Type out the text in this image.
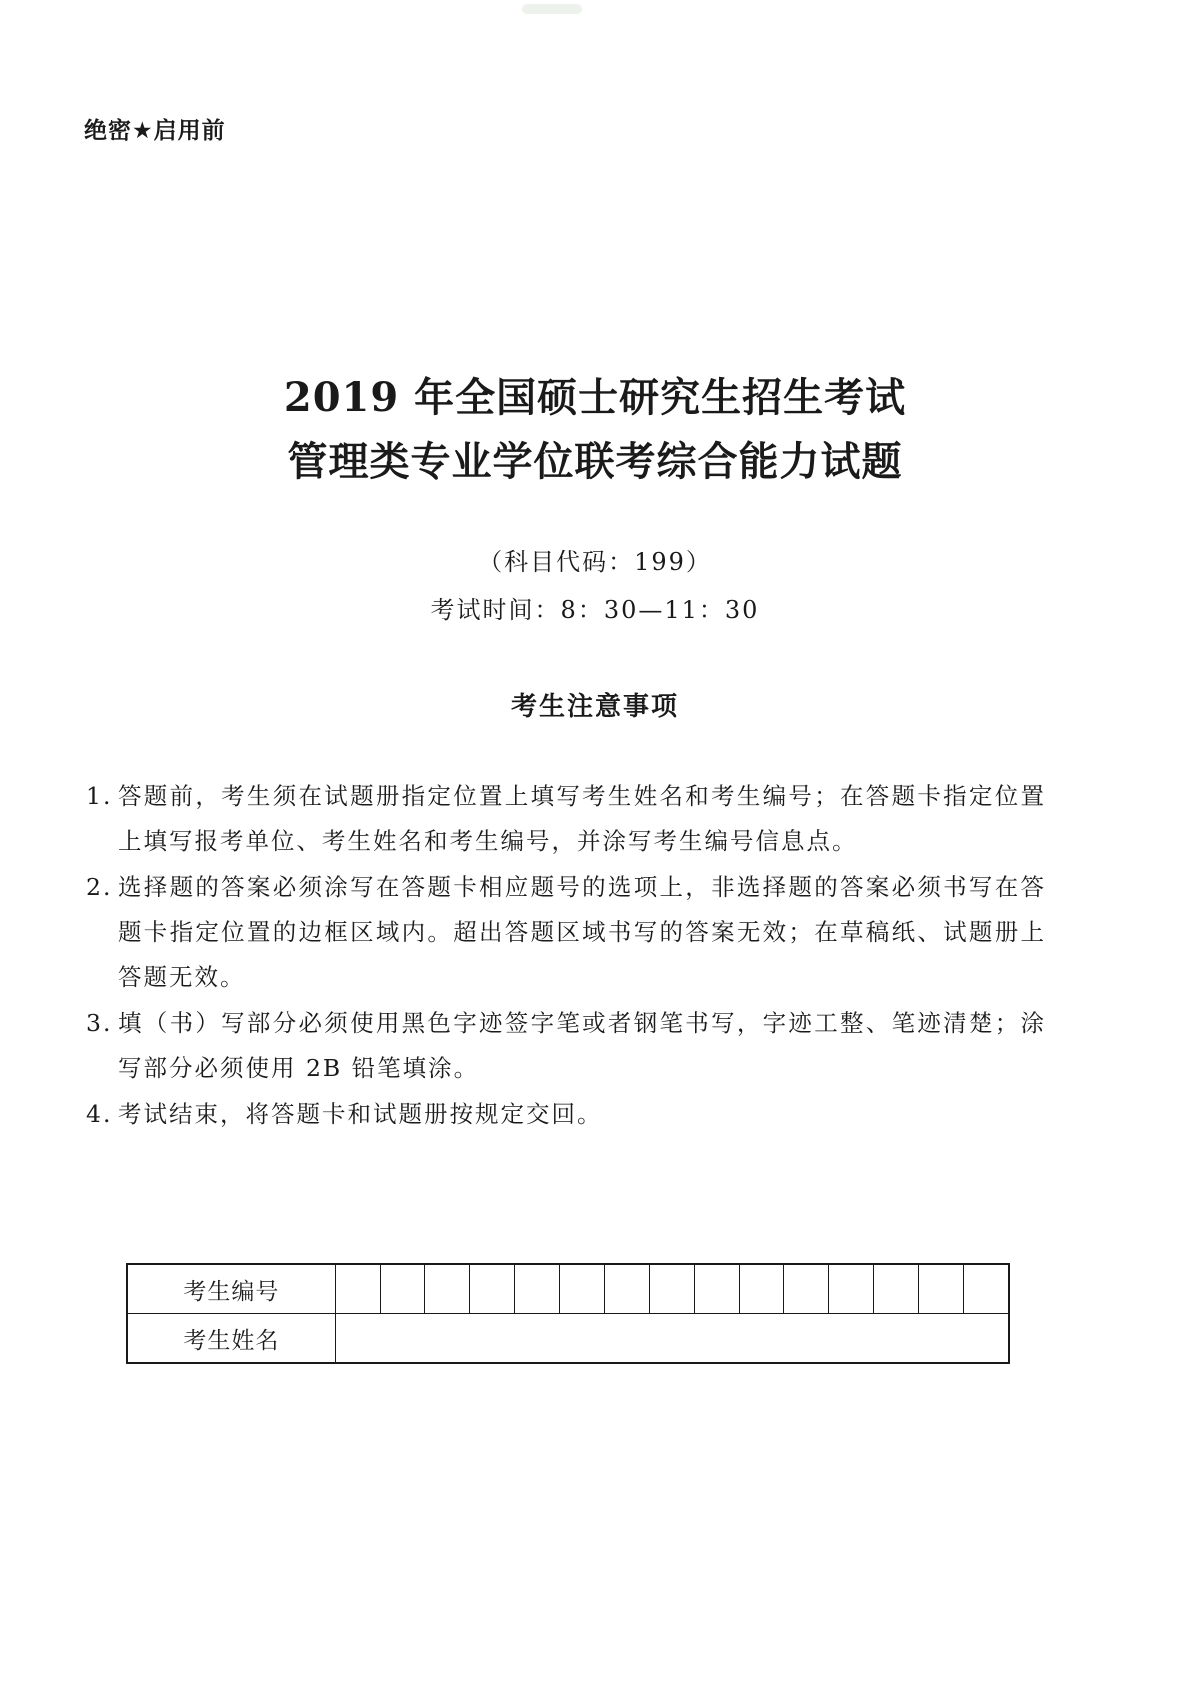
绝密★启用前
2019 年全国硕士研究生招生考试
管理类专业学位联考综合能力试题
（科目代码：199）
考试时间：8：30—11：30
考生注意事项
1. 答题前，考生须在试题册指定位置上填写考生姓名和考生编号；在答题卡指定位置上填写报考单位、考生姓名和考生编号，并涂写考生编号信息点。
2. 选择题的答案必须涂写在答题卡相应题号的选项上，非选择题的答案必须书写在答题卡指定位置的边框区域内。超出答题区域书写的答案无效；在草稿纸、试题册上答题无效。
3. 填（书）写部分必须使用黑色字迹签字笔或者钢笔书写，字迹工整、笔迹清楚；涂写部分必须使用 2B 铅笔填涂。
4. 考试结束，将答题卡和试题册按规定交回。
考生编号															
考生姓名															
